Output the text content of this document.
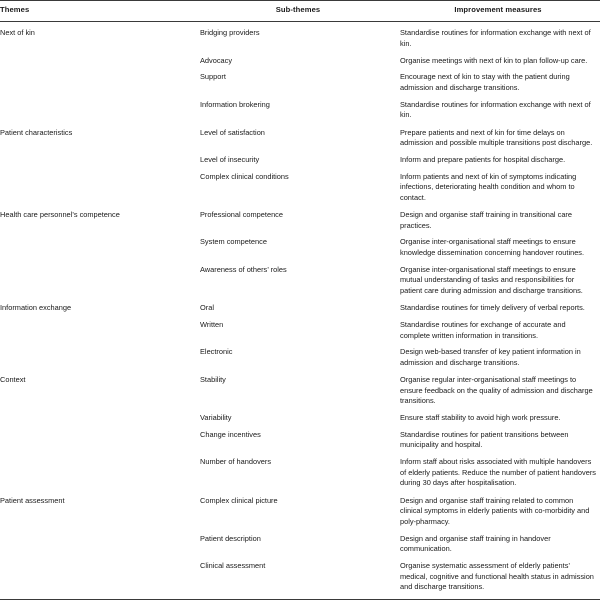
Themes	Sub-themes	Improvement measures
Next of kin	Bridging providers	Standardise routines for information exchange with next of kin.
	Advocacy	Organise meetings with next of kin to plan follow-up care.
	Support	Encourage next of kin to stay with the patient during admission and discharge transitions.
	Information brokering	Standardise routines for information exchange with next of kin.
Patient characteristics	Level of satisfaction	Prepare patients and next of kin for time delays on admission and possible multiple transitions post discharge.
	Level of insecurity	Inform and prepare patients for hospital discharge.
	Complex clinical conditions	Inform patients and next of kin of symptoms indicating infections, deteriorating health condition and whom to contact.
Health care personnel’s competence	Professional competence	Design and organise staff training in transitional care practices.
	System competence	Organise inter-organisational staff meetings to ensure knowledge dissemination concerning handover routines.
	Awareness of others’ roles	Organise inter-organisational staff meetings to ensure mutual understanding of tasks and responsibilities for patient care during admission and discharge transitions.
Information exchange	Oral	Standardise routines for timely delivery of verbal reports.
	Written	Standardise routines for exchange of accurate and complete written information in transitions.
	Electronic	Design web-based transfer of key patient information in admission and discharge transitions.
Context	Stability	Organise regular inter-organisational staff meetings to ensure feedback on the quality of admission and discharge transitions.
	Variability	Ensure staff stability to avoid high work pressure.
	Change incentives	Standardise routines for patient transitions between municipality and hospital.
	Number of handovers	Inform staff about risks associated with multiple handovers of elderly patients. Reduce the number of patient handovers during 30 days after hospitalisation.
Patient assessment	Complex clinical picture	Design and organise staff training related to common clinical symptoms in elderly patients with co-morbidity and poly-pharmacy.
	Patient description	Design and organise staff training in handover communication.
	Clinical assessment	Organise systematic assessment of elderly patients’ medical, cognitive and functional health status in admission and discharge transitions.
